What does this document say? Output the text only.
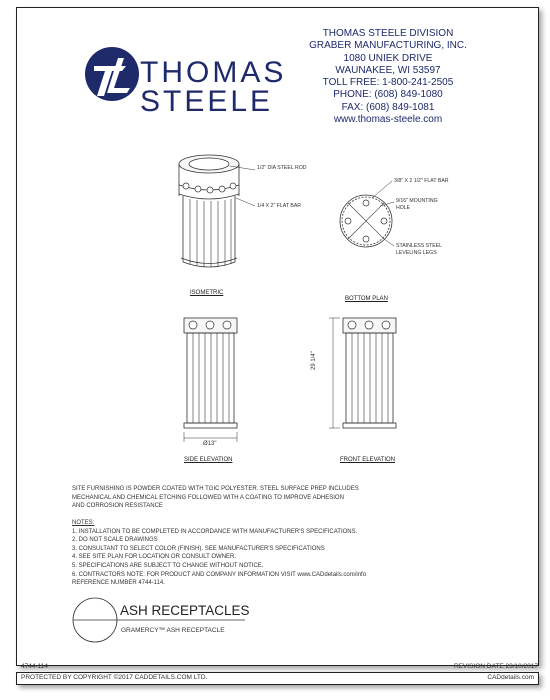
THOMAS
STEELE
THOMAS STEELE DIVISION
GRABER MANUFACTURING, INC.
1080 UNIEK DRIVE
WAUNAKEE, WI 53597
TOLL FREE: 1-800-241-2505
PHONE: (608) 849-1080
FAX: (608) 849-1081
www.thomas-steele.com
1/2" DIA STEEL ROD
1/4 X 2" FLAT BAR
3/8" X 2 1/2" FLAT BAR
9/16" MOUNTING
HOLE
STAINLESS STEEL
LEVELING LEGS
ISOMETRIC
BOTTOM PLAN
SIDE ELEVATION	FRONT ELEVATION
Ø13"
29 1/4"
SITE FURNISHING IS POWDER COATED WITH TGIC POLYESTER. STEEL SURFACE PREP INCLUDES
MECHANICAL AND CHEMICAL ETCHING FOLLOWED WITH A COATING TO IMPROVE ADHESION
AND CORROSION RESISTANCE
NOTES:
1. INSTALLATION TO BE COMPLETED IN ACCORDANCE WITH MANUFACTURER'S SPECIFICATIONS.
2. DO NOT SCALE DRAWINGS
3. CONSULTANT TO SELECT COLOR (FINISH). SEE MANUFACTURER'S SPECIFICATIONS
4. SEE SITE PLAN FOR LOCATION OR CONSULT OWNER.
5. SPECIFICATIONS ARE SUBJECT TO CHANGE WITHOUT NOTICE.
6. CONTRACTORS NOTE: FOR PRODUCT AND COMPANY INFORMATION VISIT www.CADdetails.com/info
REFERENCE NUMBER 4744-114.
ASH RECEPTACLES
GRAMERCY™ ASH RECEPTACLE
4744-114	REVISION DATE 23/10/2017
PROTECTED BY COPYRIGHT ©2017 CADDETAILS.COM LTD.	CADdetails.com
